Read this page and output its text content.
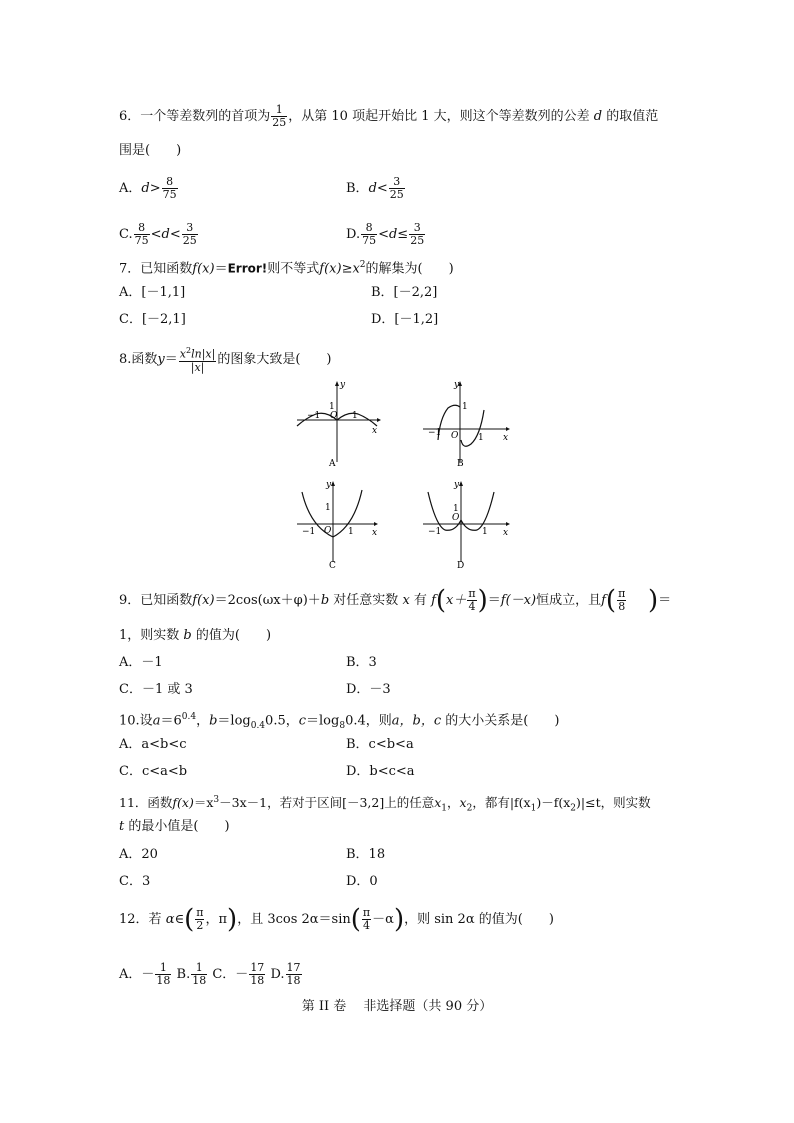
6．一个等差数列的首项为 $\frac{1}{25}$ ，从第 10 项起开始比 1 大，则这个等差数列的公差 d 的取值范
围是(　　)
A．$d> \frac{8}{75}$	B．$d< \frac{3}{25}$
C. $\frac{8}{75} <d< \frac{3}{25}$	D. $\frac{8}{75} <d\le \frac{3}{25}$
7．已知函数f(x)＝Error!则不等式$f(x)\ge x^2$的解集为(　　)
A．[－1,1]	B．[－2,2]
C．[－2,1]	D．[－1,2]
8.函数$y= \frac{x^2\ln|x|}{|x|}$ 的图象大致是(　　)
y
x
O
1
−1	1
A
y
x
O
1
−1	1
B
y
x
O
1
−1	1
C
y
x
O
1
−1	1
D
9．已知函数f(x)＝2cos(ωx＋φ)＋b 对任意实数 x 有 $f(x+ \frac{\pi}{4} )=f(-x)$恒成立，且$f( \frac{\pi}{8}$ )＝
1，则实数 b 的值为(　　)
A．－1	B．3
C．－1 或 3	D．－3
10.设$a=6^{0.4}$，$b=\log_{0.4}0.5$，$c=\log_80.4$，则a，b，c 的大小关系是(　　)
A．a<b<c	B．c<b<a
C．c<a<b	D．b<c<a
11．函数$f(x)=x^3-3x-1$，若对于区间[－3,2]上的任意$x_1$，$x_2$，都有$|f(x_1)-f(x_2)|\le t$，则实数
t 的最小值是(　　)
A．20	B．18
C．3	D．0
12．若 α∈( $\frac{\pi}{2}$ ，π)，且 3cos $2\alpha=\sin( \frac{\pi}{4} -\alpha)$，则 sin 2α 的值为(　　)
A．－ $\frac{1}{18} B$. $\frac{1}{18}$ C．－ $\frac{17}{18} D$. $\frac{17}{18}$
第 II 卷　 非选择题（共 90 分）
